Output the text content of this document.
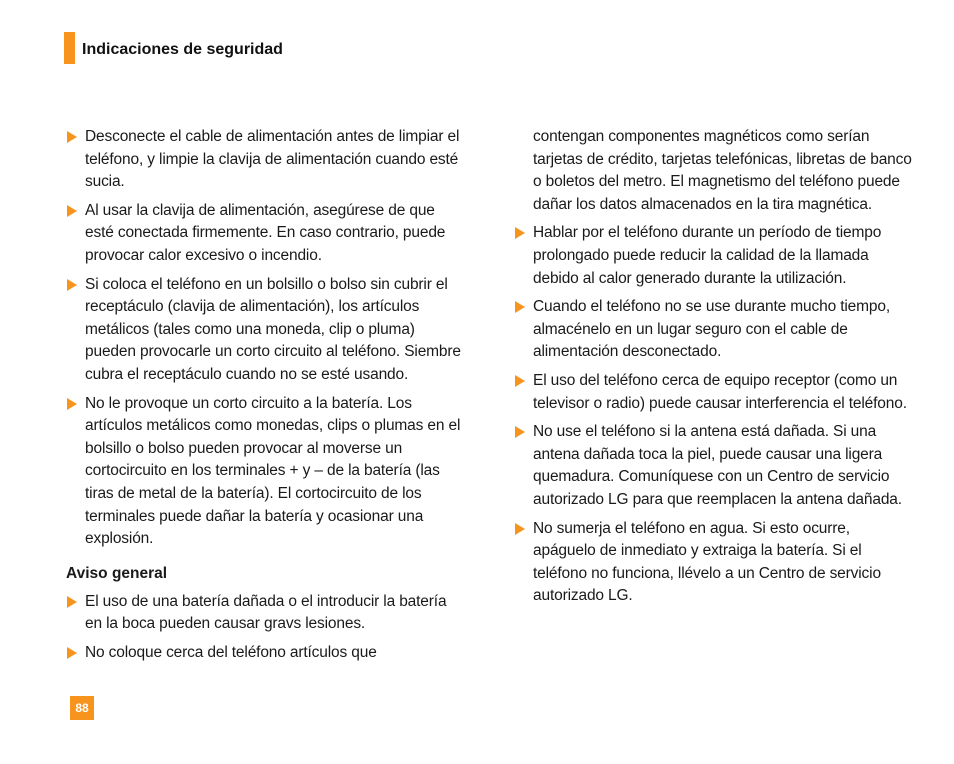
Indicaciones de seguridad
Desconecte el cable de alimentación antes de limpiar el teléfono, y limpie la clavija de alimentación cuando esté sucia.
Al usar la clavija de alimentación, asegúrese de que esté conectada firmemente. En caso contrario, puede provocar calor excesivo o incendio.
Si coloca el teléfono en un bolsillo o bolso sin cubrir el receptáculo (clavija de alimentación), los artículos metálicos (tales como una moneda, clip o pluma) pueden provocarle un corto circuito al teléfono. Siembre cubra el receptáculo cuando no se esté usando.
No le provoque un corto circuito a la batería. Los artículos metálicos como monedas, clips o plumas en el bolsillo o bolso pueden provocar al moverse un cortocircuito en los terminales + y – de la batería (las tiras de metal de la batería). El cortocircuito de los terminales puede dañar la batería y ocasionar una explosión.
Aviso general
El uso de una batería dañada o el introducir la batería en la boca pueden causar gravs lesiones.
No coloque cerca del teléfono artículos que
contengan componentes magnéticos como serían tarjetas de crédito, tarjetas telefónicas, libretas de banco o boletos del metro. El magnetismo del teléfono puede dañar los datos almacenados en la tira magnética.
Hablar por el teléfono durante un período de tiempo prolongado puede reducir la calidad de la llamada debido al calor generado durante la utilización.
Cuando el teléfono no se use durante mucho tiempo, almacénelo en un lugar seguro con el cable de alimentación desconectado.
El uso del teléfono cerca de equipo receptor (como un televisor o radio) puede causar interferencia el teléfono.
No use el teléfono si la antena está dañada. Si una antena dañada toca la piel, puede causar una ligera quemadura. Comuníquese con un Centro de servicio autorizado LG para que reemplacen la antena dañada.
No sumerja el teléfono en agua. Si esto ocurre, apáguelo de inmediato y extraiga la batería. Si el teléfono no funciona, llévelo a un Centro de servicio autorizado LG.
88
